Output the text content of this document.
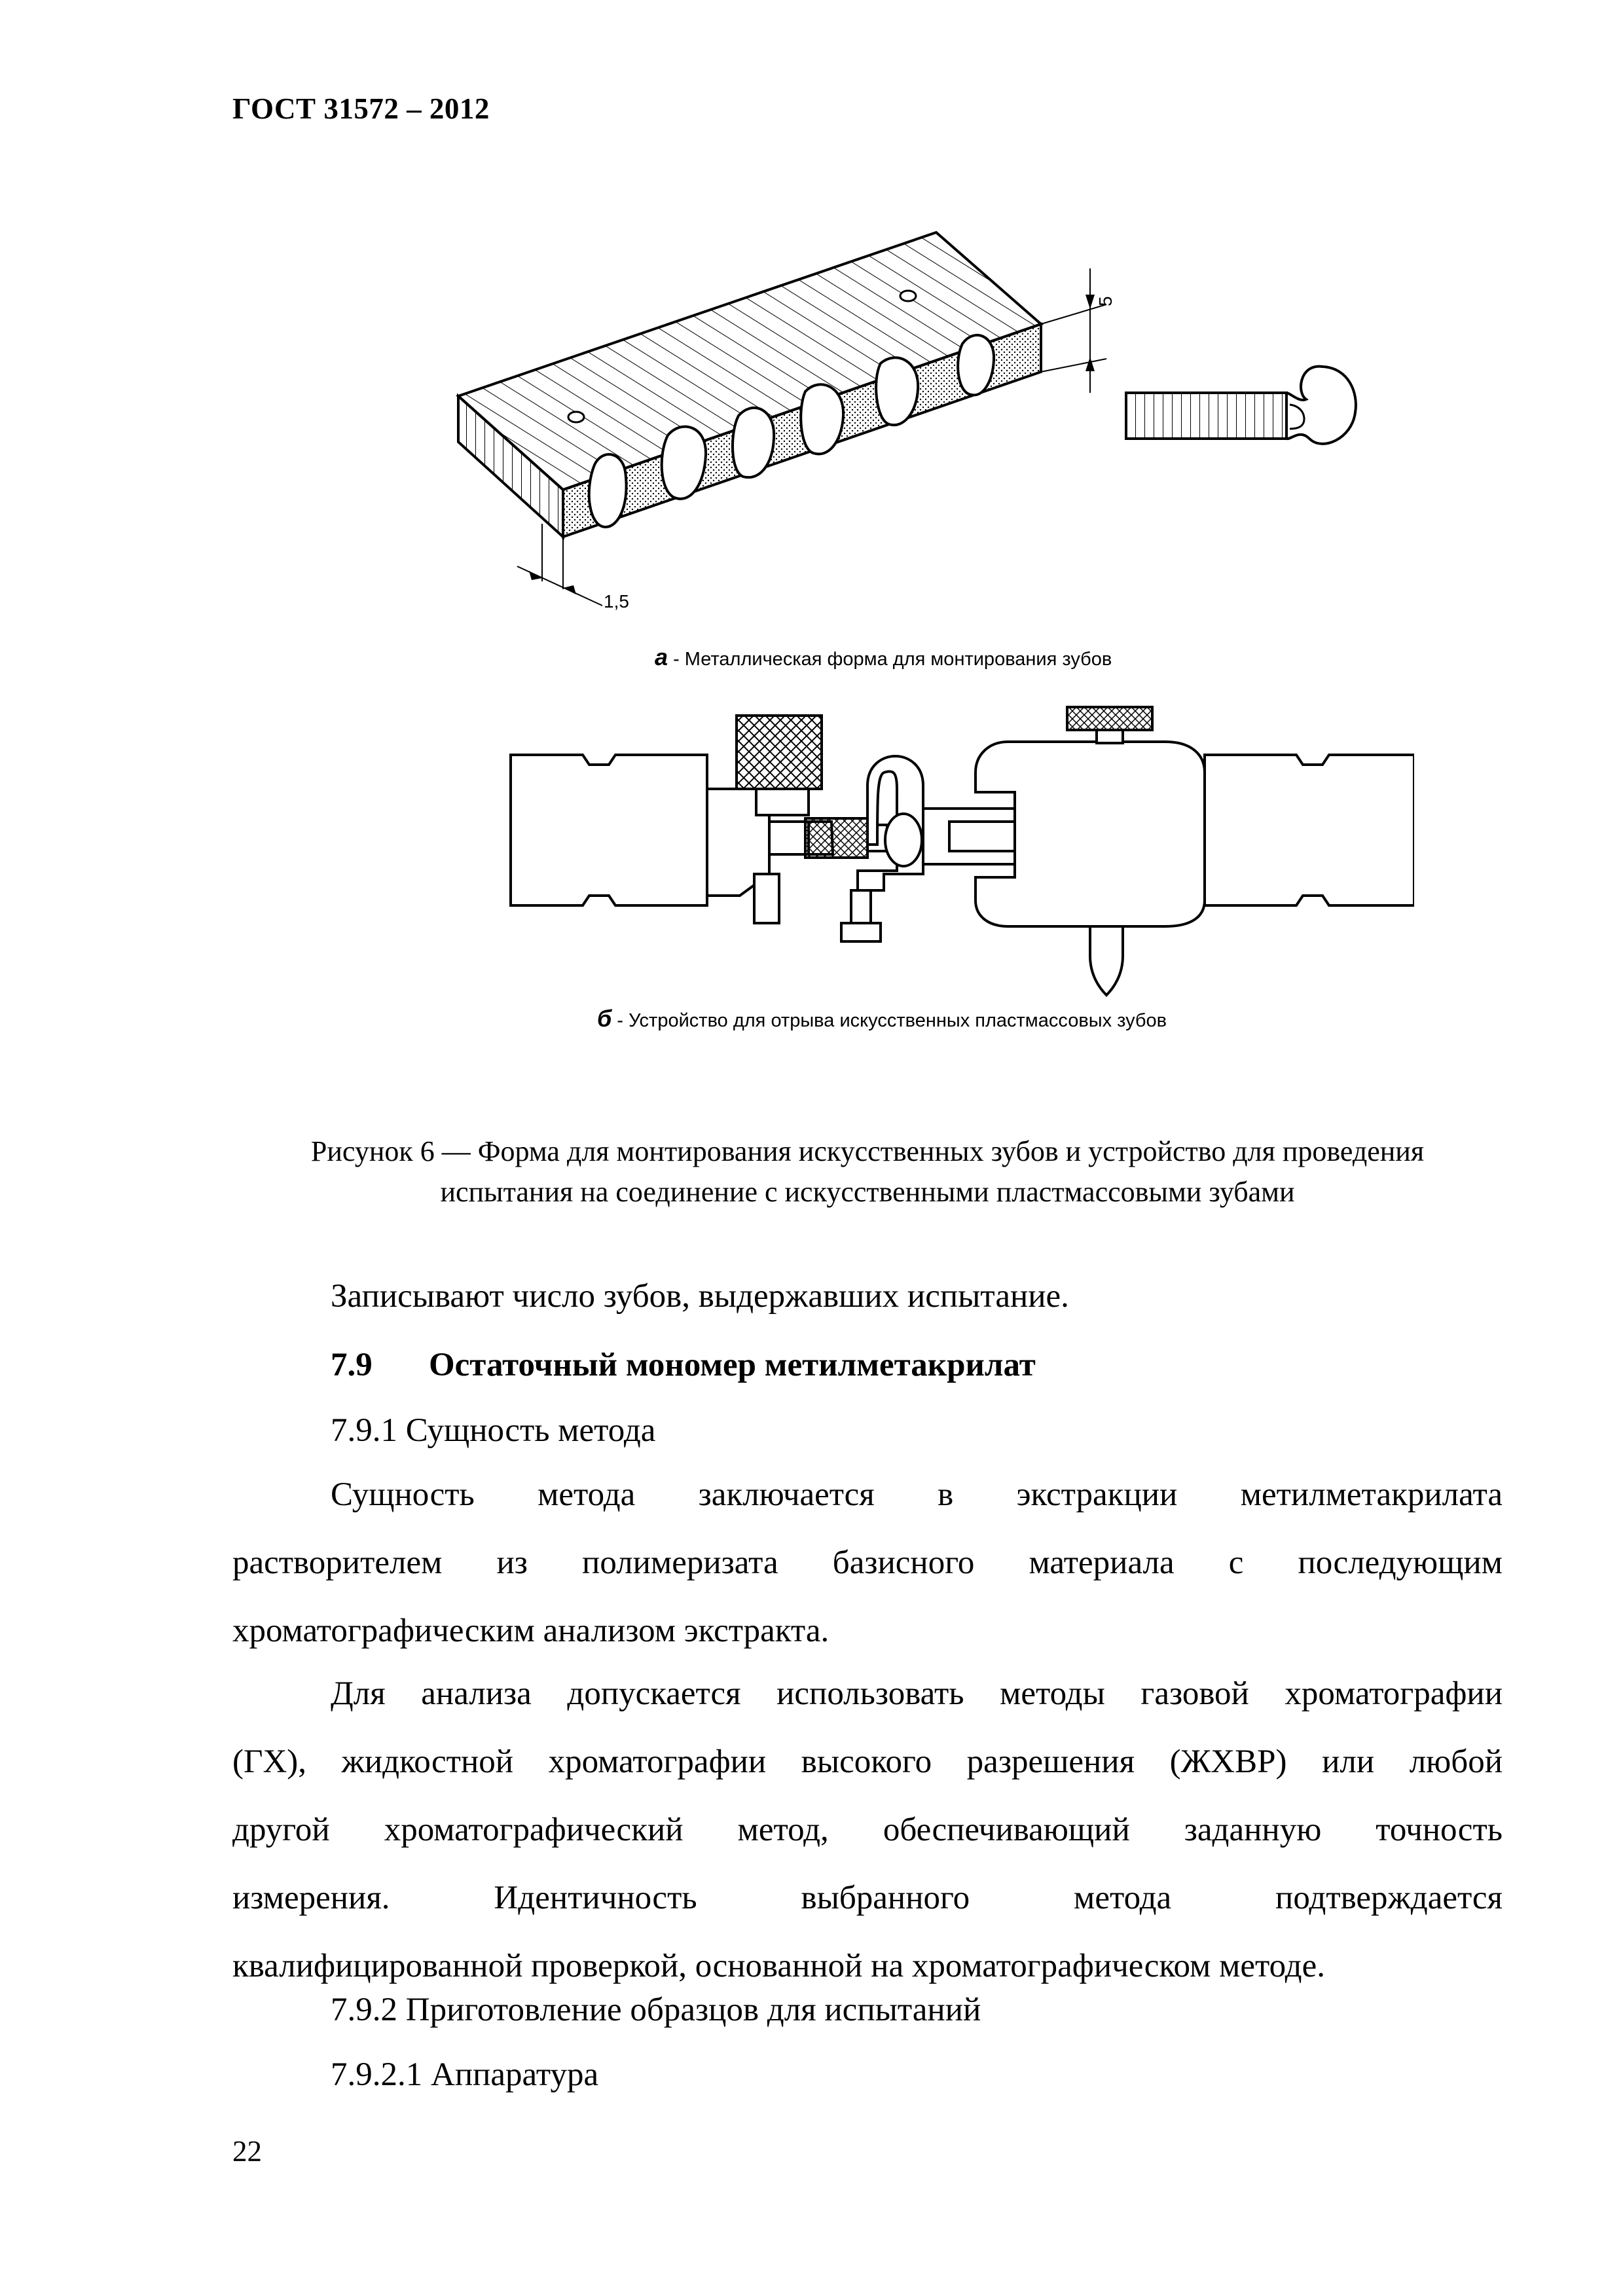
ГОСТ 31572 – 2012
5
1,5
а - Металлическая форма для монтирования зубов
б - Устройство для отрыва искусственных пластмассовых зубов
Рисунок 6 — Форма для монтирования искусственных зубов и устройство для проведения
испытания на соединение с искусственными пластмассовыми зубами
Записывают число зубов, выдержавших испытание.
7.9 Остаточный мономер метилметакрилат
7.9.1 Сущность метода
Сущность метода заключается в экстракции метилметакрилата
растворителем из полимеризата базисного материала с последующим
хроматографическим анализом экстракта.
Для анализа допускается использовать методы газовой хроматографии
(ГХ), жидкостной хроматографии высокого разрешения (ЖХВР) или любой
другой хроматографический метод, обеспечивающий заданную точность
измерения. Идентичность выбранного метода подтверждается
квалифицированной проверкой, основанной на хроматографическом методе.
7.9.2 Приготовление образцов для испытаний
7.9.2.1 Аппаратура
22
